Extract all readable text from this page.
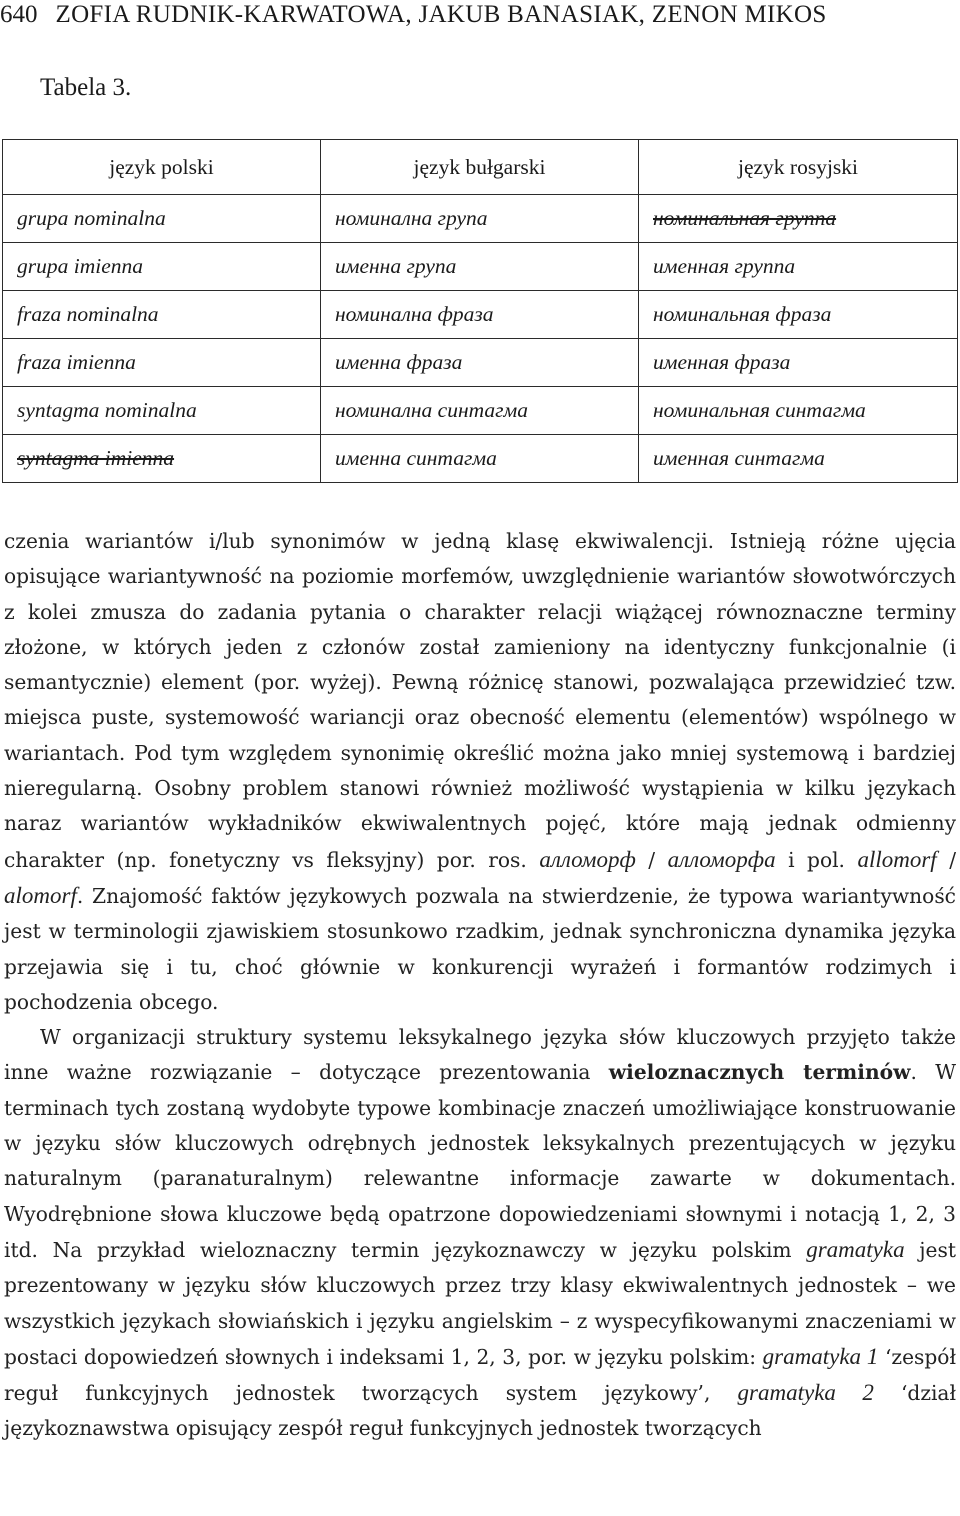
640 ZOFIA RUDNIK-KARWATOWA, JAKUB BANASIAK, ZENON MIKOS
Tabela 3.
język polski	język bułgarski	język rosyjski
grupa nominalna	номинална група	номинальная группа
grupa imienna	именна група	именная группа
fraza nominalna	номинална фраза	номинальная фраза
fraza imienna	именна фраза	именная фраза
syntagma nominalna	номинална синтагма	номинальная синтагма
syntagma imienna	именна синтагма	именная синтагма

czenia wariantów i/lub synonimów w jedną klasę ekwiwalencji. Istnieją różne ujęcia opisujące wariantywność na poziomie morfemów, uwzględnienie wariantów słowotwórczych z kolei zmusza do zadania pytania o charakter relacji wiążącej równoznaczne terminy złożone, w których jeden z członów został zamieniony na identyczny funkcjonalnie (i semantycznie) element (por. wyżej). Pewną różnicę stanowi, pozwalająca przewidzieć tzw. miejsca puste, systemowość wariancji oraz obecność elementu (elementów) wspólnego w wariantach. Pod tym względem synonimię określić można jako mniej systemową i bardziej nieregularną. Osobny problem stanowi również możliwość wystąpienia w kilku językach naraz wariantów wykładników ekwiwalentnych pojęć, które mają jednak odmienny charakter (np. fonetyczny vs fleksyjny) por. ros. алломорф / алломорфа i pol. allomorf / alomorf. Znajomość faktów językowych pozwala na stwierdzenie, że typowa wariantywność jest w terminologii zjawiskiem stosunkowo rzadkim, jednak synchroniczna dynamika języka przejawia się i tu, choć głównie w konkurencji wyrażeń i formantów rodzimych i pochodzenia obcego.

W organizacji struktury systemu leksykalnego języka słów kluczowych przyjęto także inne ważne rozwiązanie – dotyczące prezentowania wieloznacznych terminów. W terminach tych zostaną wydobyte typowe kombinacje znaczeń umożliwiające konstruowanie w języku słów kluczowych odrębnych jednostek leksykalnych prezentujących w języku naturalnym (paranaturalnym) relewantne informacje zawarte w dokumentach. Wyodrębnione słowa kluczowe będą opatrzone dopowiedzeniami słownymi i notacją 1, 2, 3 itd. Na przykład wieloznaczny termin językoznawczy w języku polskim gramatyka jest prezentowany w języku słów kluczowych przez trzy klasy ekwiwalentnych jednostek – we wszystkich językach słowiańskich i języku angielskim – z wyspecyfikowanymi znaczeniami w postaci dopowiedzeń słownych i indeksami 1, 2, 3, por. w języku polskim: gramatyka 1 ‘zespół reguł funkcyjnych jednostek tworzących system językowy’, gramatyka 2 ‘dział językoznawstwa opisujący zespół reguł funkcyjnych jednostek tworzących
